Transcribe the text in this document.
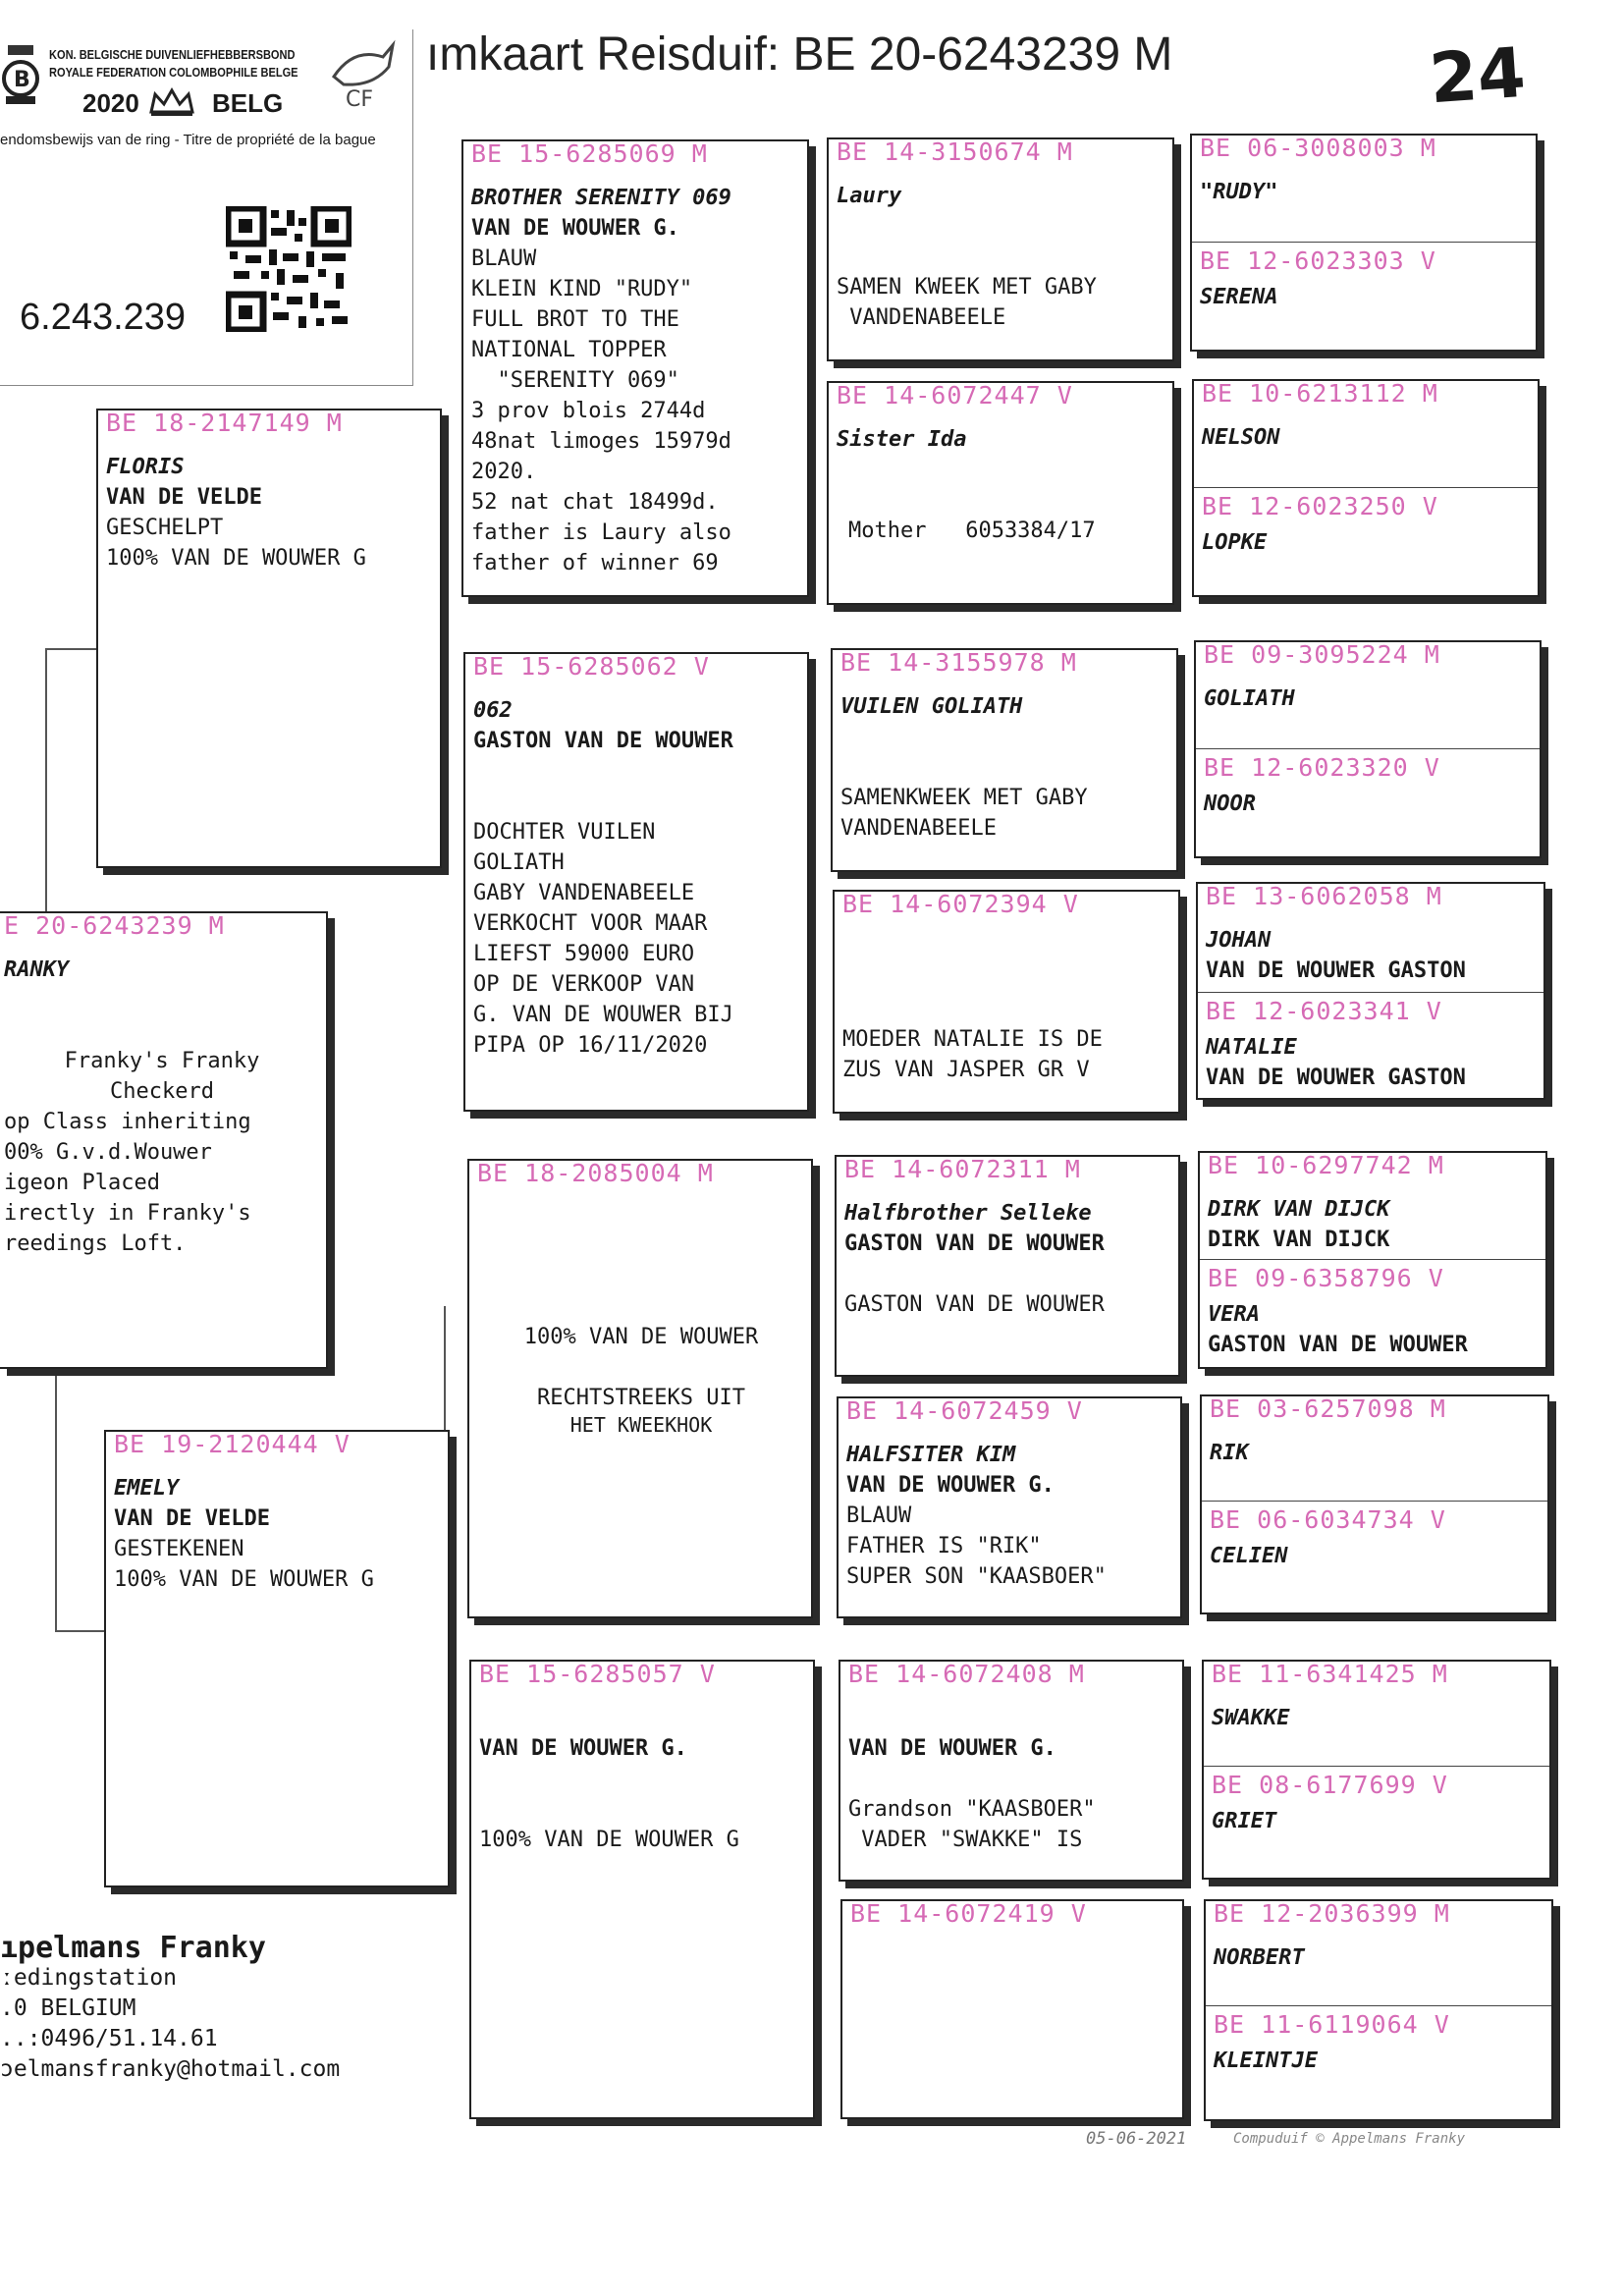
B
KON. BELGISCHE DUIVENLIEFHEBBERSBOND
ROYALE FEDERATION COLOMBOPHILE BELGE
2020	BELG	CF
endomsbewijs van de ring - Titre de propriété de la bague
6.243.239
ımkaart Reisduif: BE 20-6243239 M	24
E 20-6243239 M
RANKY
Franky's Franky
Checkerd
op Class inheriting
00% G.v.d.Wouwer
igeon Placed
irectly in Franky's
reedings Loft.
BE 18-2147149 M
FLORIS
VAN DE VELDE
GESCHELPT
100% VAN DE WOUWER G
BE 19-2120444 V
EMELY
VAN DE VELDE
GESTEKENEN
100% VAN DE WOUWER G
BE 15-6285069 M
BROTHER SERENITY 069
VAN DE WOUWER G.
BLAUW
KLEIN KIND "RUDY"
FULL BROT TO THE
NATIONAL TOPPER
"SERENITY 069"
3 prov blois 2744d
48nat limoges 15979d
2020.
52 nat chat 18499d.
father is Laury also
father of winner 69
BE 15-6285062 V
062
GASTON VAN DE WOUWER
DOCHTER VUILEN
GOLIATH
GABY VANDENABEELE
VERKOCHT VOOR MAAR
LIEFST 59000 EURO
OP DE VERKOOP VAN
G. VAN DE WOUWER BIJ
PIPA OP 16/11/2020
BE 18-2085004 M
100% VAN DE WOUWER
RECHTSTREEKS UIT
HET KWEEKHOK
BE 15-6285057 V
VAN DE WOUWER G.
100% VAN DE WOUWER G
BE 14-3150674 M
Laury
SAMEN KWEEK MET GABY
VANDENABEELE
BE 14-6072447 V
Sister Ida
Mother   6053384/17
BE 14-3155978 M
VUILEN GOLIATH
SAMENKWEEK MET GABY
VANDENABEELE
BE 14-6072394 V
MOEDER NATALIE IS DE
ZUS VAN JASPER GR V
BE 14-6072311 M
Halfbrother Selleke
GASTON VAN DE WOUWER
GASTON VAN DE WOUWER
BE 14-6072459 V
HALFSITER KIM
VAN DE WOUWER G.
BLAUW
FATHER IS "RIK"
SUPER SON "KAASBOER"
BE 14-6072408 M
VAN DE WOUWER G.
Grandson "KAASBOER"
VADER "SWAKKE" IS
BE 14-6072419 V
BE 06-3008003 M
"RUDY"
BE 12-6023303 V
SERENA
BE 10-6213112 M
NELSON
BE 12-6023250 V
LOPKE
BE 09-3095224 M
GOLIATH
BE 12-6023320 V
NOOR
BE 13-6062058 M
JOHAN
VAN DE WOUWER GASTON
BE 12-6023341 V
NATALIE
VAN DE WOUWER GASTON
BE 10-6297742 M
DIRK VAN DIJCK
DIRK VAN DIJCK
BE 09-6358796 V
VERA
GASTON VAN DE WOUWER
BE 03-6257098 M
RIK
BE 06-6034734 V
CELIEN
BE 11-6341425 M
SWAKKE
BE 08-6177699 V
GRIET
BE 12-2036399 M
NORBERT
BE 11-6119064 V
KLEINTJE
ıpelmans Franky
ːedingstation
.0 BELGIUM
..:0496/51.14.61
ɔelmansfranky@hotmail.com
05-06-2021	Compuduif © Appelmans Franky
